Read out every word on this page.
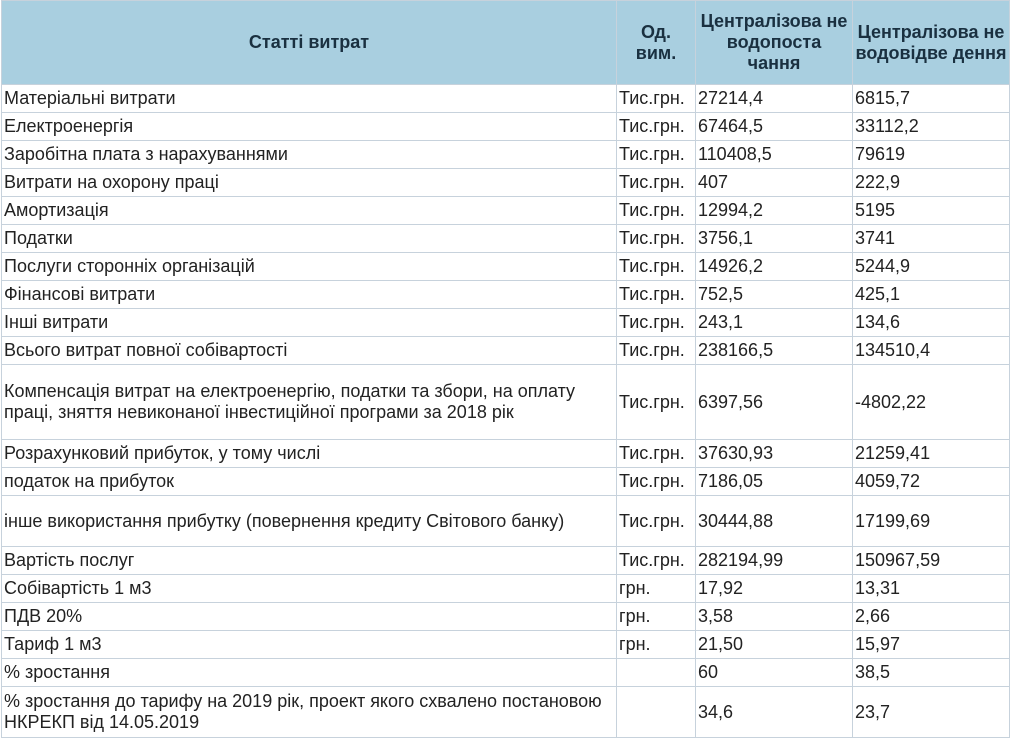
Статті витрат	Од. вим.	Централізова не водопоста чання	Централізова не водовідве дення
Матеріальні витрати	Тис.грн.	27214,4	6815,7
Електроенергія	Тис.грн.	67464,5	33112,2
Заробітна плата з нарахуваннями	Тис.грн.	110408,5	79619
Витрати на охорону праці	Тис.грн.	407	222,9
Амортизація	Тис.грн.	12994,2	5195
Податки	Тис.грн.	3756,1	3741
Послуги сторонніх організацій	Тис.грн.	14926,2	5244,9
Фінансові витрати	Тис.грн.	752,5	425,1
Інші витрати	Тис.грн.	243,1	134,6
Всього витрат повної собівартості	Тис.грн.	238166,5	134510,4
Компенсація витрат на електроенергію, податки та збори, на оплату праці, зняття невиконаної інвестиційної програми за 2018 рік	Тис.грн.	6397,56	-4802,22
Розрахунковий прибуток, у тому числі	Тис.грн.	37630,93	21259,41
податок на прибуток	Тис.грн.	7186,05	4059,72
інше використання прибутку (повернення кредиту Світового банку)	Тис.грн.	30444,88	17199,69
Вартість послуг	Тис.грн.	282194,99	150967,59
Собівартість 1 м3	грн.	17,92	13,31
ПДВ 20%	грн.	3,58	2,66
Тариф 1 м3	грн.	21,50	15,97
% зростання		60	38,5
% зростання до тарифу на 2019 рік, проект якого схвалено постановою НКРЕКП від 14.05.2019		34,6	23,7
